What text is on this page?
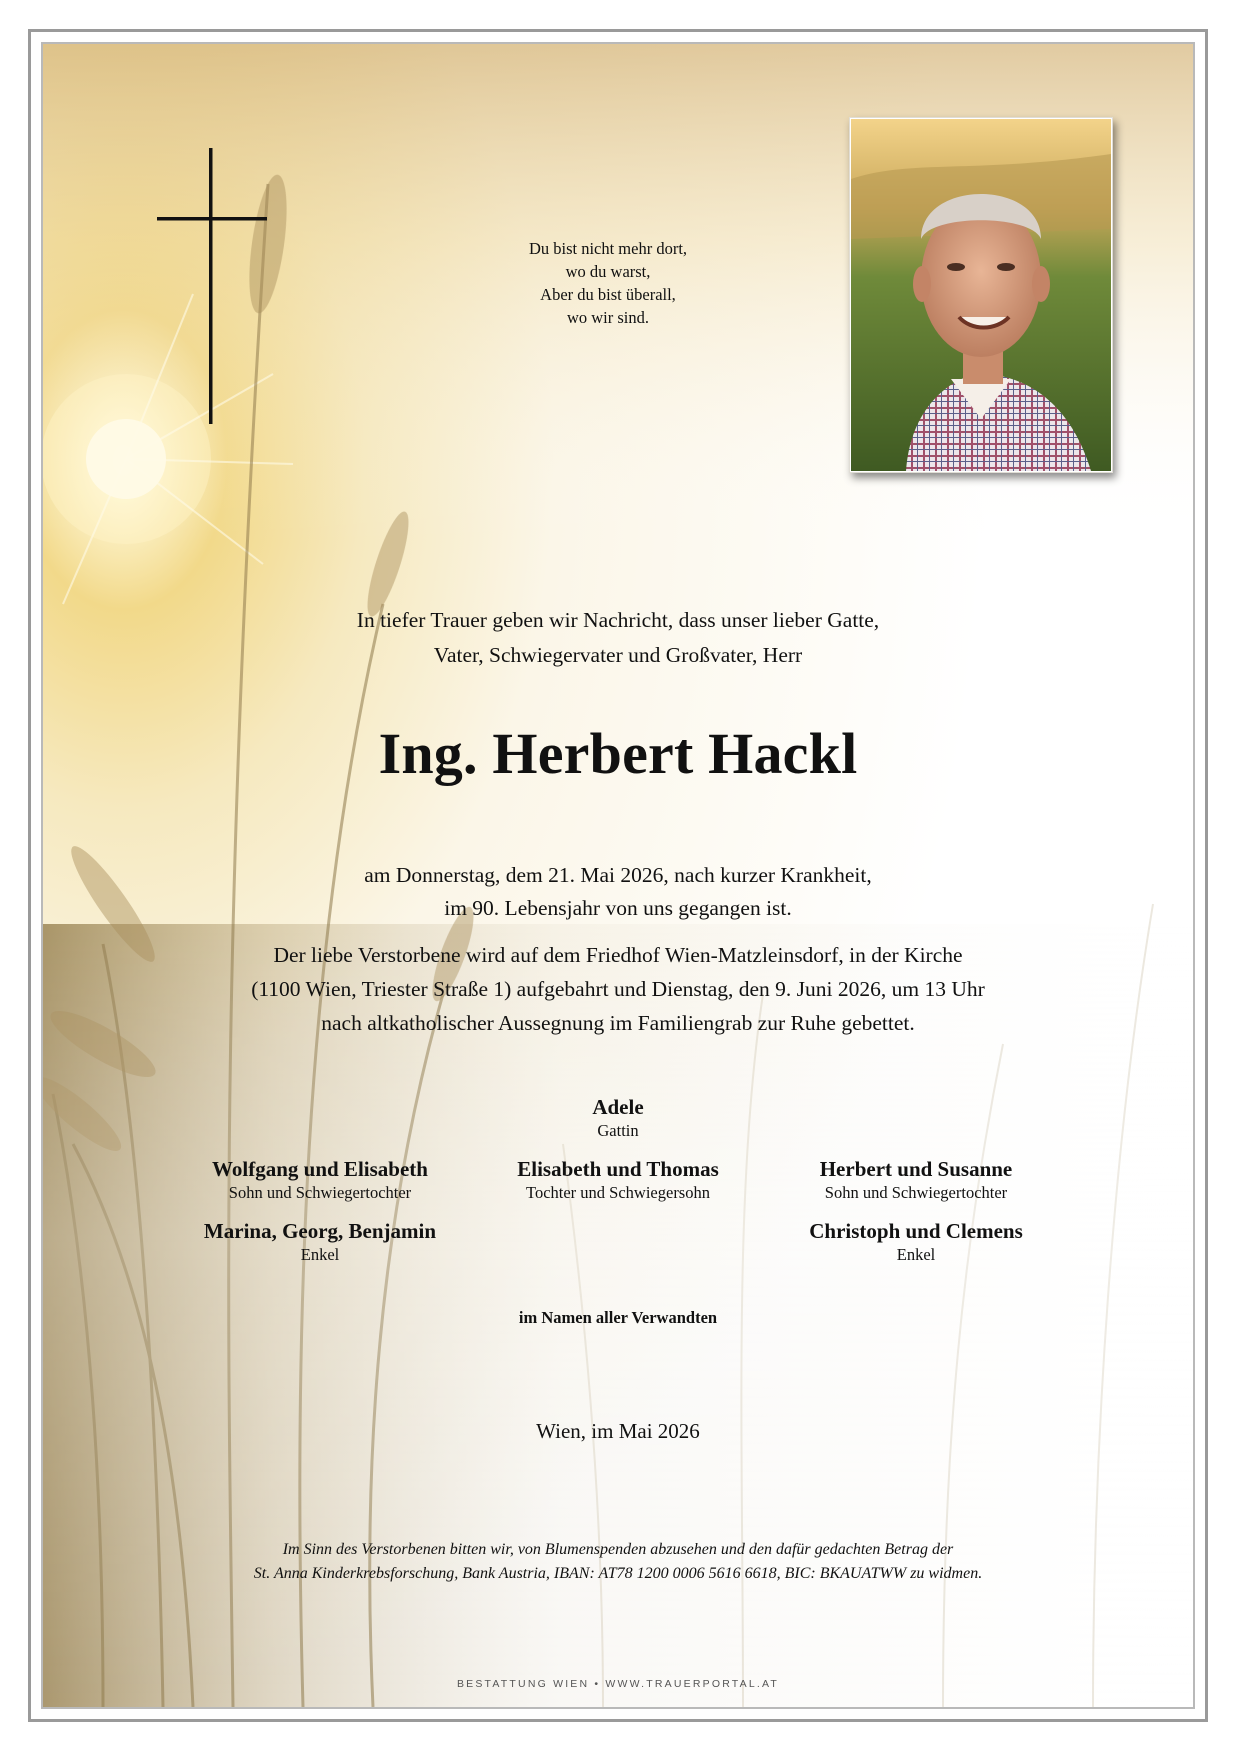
Du bist nicht mehr dort,
wo du warst,
Aber du bist überall,
wo wir sind.
In tiefer Trauer geben wir Nachricht, dass unser lieber Gatte,
Vater, Schwiegervater und Großvater, Herr
Ing. Herbert Hackl
am Donnerstag, dem 21. Mai 2026, nach kurzer Krankheit,
im 90. Lebensjahr von uns gegangen ist.
Der liebe Verstorbene wird auf dem Friedhof Wien-Matzleinsdorf, in der Kirche
(1100 Wien, Triester Straße 1) aufgebahrt und Dienstag, den 9. Juni 2026, um 13 Uhr
nach altkatholischer Aussegnung im Familiengrab zur Ruhe gebettet.
Adele
Gattin
Wolfgang und Elisabeth
Sohn und Schwiegertochter
Elisabeth und Thomas
Tochter und Schwiegersohn
Herbert und Susanne
Sohn und Schwiegertochter
Marina, Georg, Benjamin
Enkel
Christoph und Clemens
Enkel
im Namen aller Verwandten
Wien, im Mai 2026
Im Sinn des Verstorbenen bitten wir, von Blumenspenden abzusehen und den dafür gedachten Betrag der
St. Anna Kinderkrebsforschung, Bank Austria, IBAN: AT78 1200 0006 5616 6618, BIC: BKAUATWW zu widmen.
BESTATTUNG WIEN • WWW.TRAUERPORTAL.AT
